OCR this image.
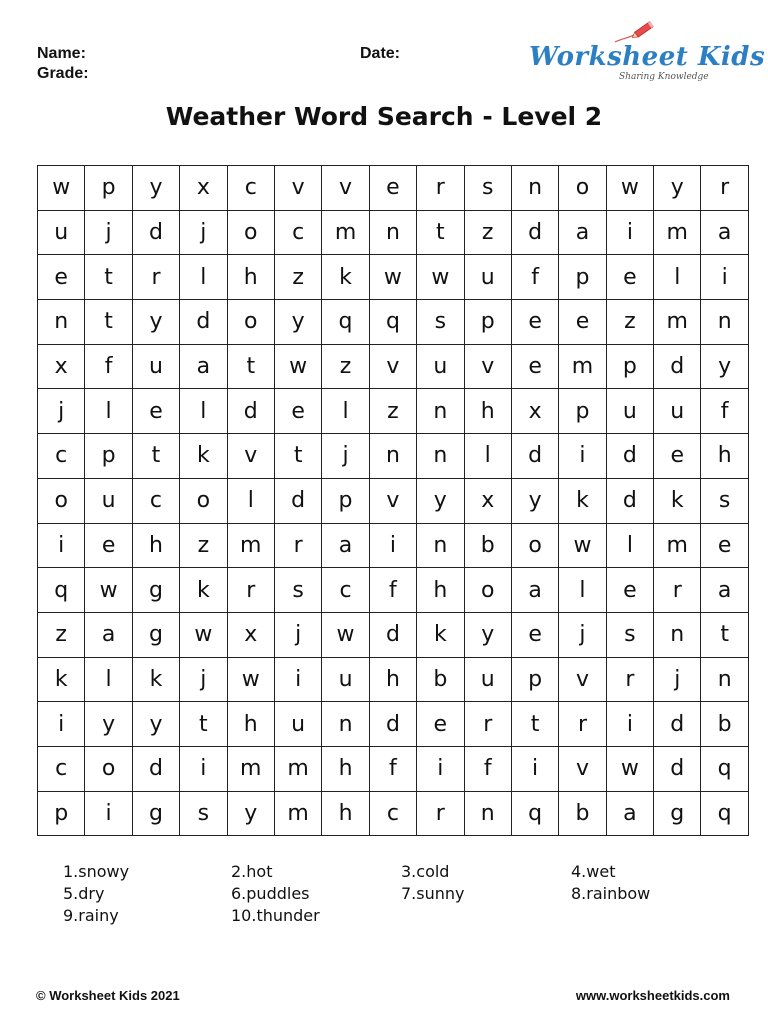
Name:
Grade:
Date:	Worksheet Kids
Sharing Knowledge
Weather Word Search - Level 2
w	p	y	x	c	v	v	e	r	s	n	o	w	y	r
u	j	d	j	o	c	m	n	t	z	d	a	i	m	a
e	t	r	l	h	z	k	w	w	u	f	p	e	l	i
n	t	y	d	o	y	q	q	s	p	e	e	z	m	n
x	f	u	a	t	w	z	v	u	v	e	m	p	d	y
j	l	e	l	d	e	l	z	n	h	x	p	u	u	f
c	p	t	k	v	t	j	n	n	l	d	i	d	e	h
o	u	c	o	l	d	p	v	y	x	y	k	d	k	s
i	e	h	z	m	r	a	i	n	b	o	w	l	m	e
q	w	g	k	r	s	c	f	h	o	a	l	e	r	a
z	a	g	w	x	j	w	d	k	y	e	j	s	n	t
k	l	k	j	w	i	u	h	b	u	p	v	r	j	n
i	y	y	t	h	u	n	d	e	r	t	r	i	d	b
c	o	d	i	m	m	h	f	i	f	i	v	w	d	q
p	i	g	s	y	m	h	c	r	n	q	b	a	g	q
1.snowy	2.hot	3.cold	4.wet
5.dry	6.puddles	7.sunny	8.rainbow
9.rainy	10.thunder
© Worksheet Kids 2021	www.worksheetkids.com
